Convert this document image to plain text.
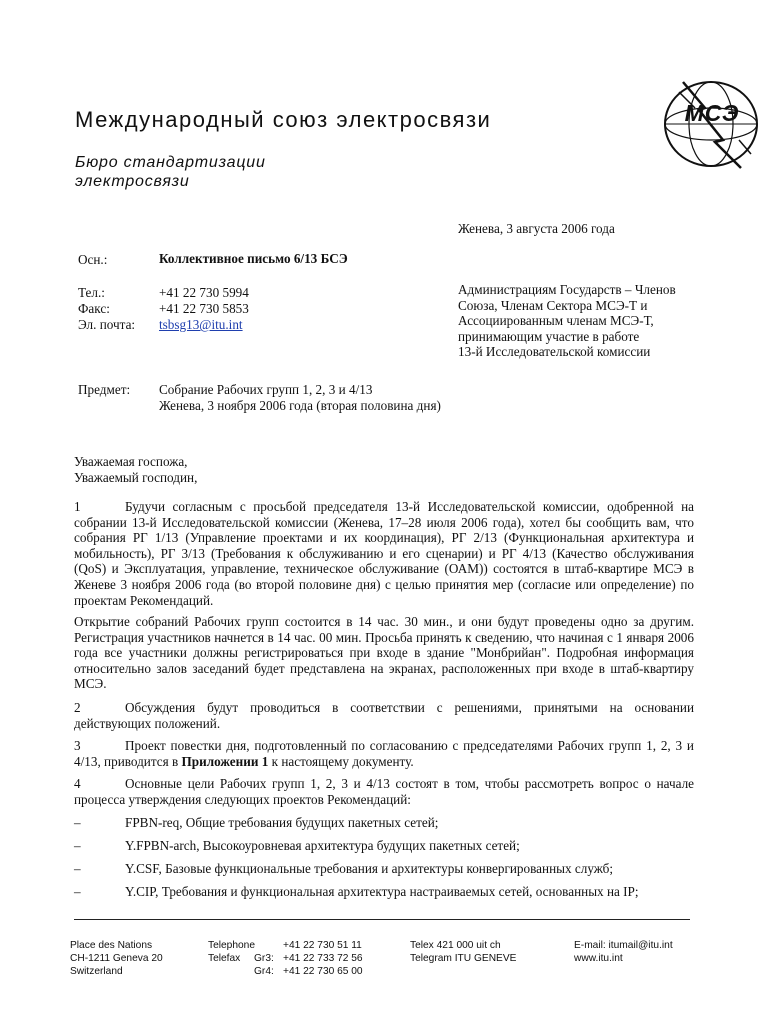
Международный союз электросвязи
Бюро стандартизации
электросвязи
МСЭ
Женева, 3 августа 2006 года
Осн.:	Коллективное письмо 6/13 БСЭ
Тел.:	+41 22 730 5994
Факс:	+41 22 730 5853
Эл. почта: tsbsg13@itu.int
Администрациям Государств – Членов
Союза, Членам Сектора МСЭ-Т и
Ассоциированным членам МСЭ-Т,
принимающим участие в работе
13-й Исследовательской комиссии
Предмет: Собрание Рабочих групп 1, 2, 3 и 4/13
Женева, 3 ноября 2006 года (вторая половина дня)
Уважаемая госпожа,
Уважаемый господин,
1	Будучи согласным с просьбой председателя 13-й Исследовательской комиссии, одобренной на собрании 13-й Исследовательской комиссии (Женева, 17–28 июля 2006 года), хотел бы сообщить вам, что собрания РГ 1/13 (Управление проектами и их координация), РГ 2/13 (Функциональная архитектура и мобильность), РГ 3/13 (Требования к обслуживанию и его сценарии) и РГ 4/13 (Качество обслуживания (QoS) и Эксплуатация, управление, техническое обслуживание (ОАМ)) состоятся в штаб-квартире МСЭ в Женеве 3 ноября 2006 года (во второй половине дня) с целью принятия мер (согласие или определение) по проектам Рекомендаций.
Открытие собраний Рабочих групп состоится в 14 час. 30 мин., и они будут проведены одно за другим. Регистрация участников начнется в 14 час. 00 мин. Просьба принять к сведению, что начиная с 1 января 2006 года все участники должны регистрироваться при входе в здание "Монбрийан". Подробная информация относительно залов заседаний будет представлена на экранах, расположенных при входе в штаб-квартиру МСЭ.
2	Обсуждения будут проводиться в соответствии с решениями, принятыми на основании действующих положений.
3	Проект повестки дня, подготовленный по согласованию с председателями Рабочих групп 1, 2, 3 и 4/13, приводится в Приложении 1 к настоящему документу.
4	Основные цели Рабочих групп 1, 2, 3 и 4/13 состоят в том, чтобы рассмотреть вопрос о начале процесса утверждения следующих проектов Рекомендаций:
–	FPBN-req, Общие требования будущих пакетных сетей;
–	Y.FPBN-arch, Высокоуровневая архитектура будущих пакетных сетей;
–	Y.CSF, Базовые функциональные требования и архитектуры конвергированных служб;
–	Y.CIP, Требования и функциональная архитектура настраиваемых сетей, основанных на IP;
Place des Nations
CH-1211 Geneva 20
Switzerland
Telephone
Telefax	Gr3:
Gr4:
+41 22 730 51 11
+41 22 733 72 56
+41 22 730 65 00
Telex 421 000 uit ch
Telegram ITU GENEVE
E-mail: itumail@itu.int
www.itu.int
